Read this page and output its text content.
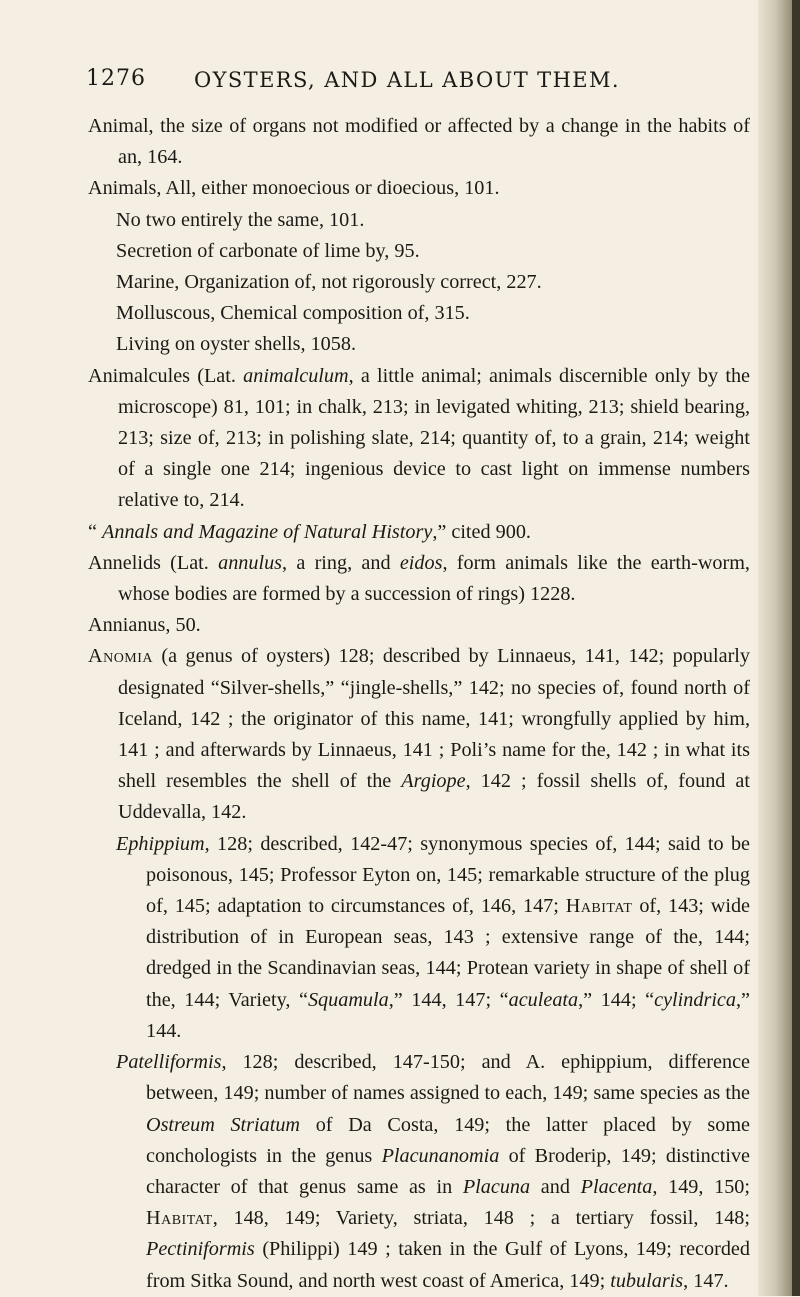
1276 OYSTERS, AND ALL ABOUT THEM.

Animal, the size of organs not modified or affected by a change in the habits of an, 164.

Animals, All, either monoecious or dioecious, 101.

No two entirely the same, 101.

Secretion of carbonate of lime by, 95.

Marine, Organization of, not rigorously correct, 227.

Molluscous, Chemical composition of, 315.

Living on oyster shells, 1058.

Animalcules (Lat. animalculum, a little animal; animals discernible only by the microscope) 81, 101; in chalk, 213; in levigated whiting, 213; shield bearing, 213; size of, 213; in polishing slate, 214; quantity of, to a grain, 214; weight of a single one 214; ingenious device to cast light on immense numbers relative to, 214.

“ Annals and Magazine of Natural History,” cited 900.

Annelids (Lat. annulus, a ring, and eidos, form animals like the earth-worm, whose bodies are formed by a succession of rings) 1228.

Annianus, 50.

Anomia (a genus of oysters) 128; described by Linnaeus, 141, 142; popularly designated “Silver-shells,” “jingle-shells,” 142; no species of, found north of Iceland, 142 ; the originator of this name, 141; wrongfully applied by him, 141 ; and afterwards by Linnaeus, 141 ; Poli’s name for the, 142 ; in what its shell resembles the shell of the Argiope, 142 ; fossil shells of, found at Uddevalla, 142.

Ephippium, 128; described, 142-47; synonymous species of, 144; said to be poisonous, 145; Professor Eyton on, 145; remarkable structure of the plug of, 145; adaptation to circumstances of, 146, 147; Habitat of, 143; wide distribution of in European seas, 143 ; extensive range of the, 144; dredged in the Scandinavian seas, 144; Protean variety in shape of shell of the, 144; Variety, “Squamula,” 144, 147; “aculeata,” 144; “cylindrica,” 144.

Patelliformis, 128; described, 147-150; and A. ephippium, difference between, 149; number of names assigned to each, 149; same species as the Ostreum Striatum of Da Costa, 149; the latter placed by some conchologists in the genus Placunanomia of Broderip, 149; distinctive character of that genus same as in Placuna and Placenta, 149, 150; Habitat, 148, 149; Variety, striata, 148 ; a tertiary fossil, 148; Pectiniformis (Philippi) 149 ; taken in the Gulf of Lyons, 149; recorded from Sitka Sound, and north west coast of America, 149; tubularis, 147.
